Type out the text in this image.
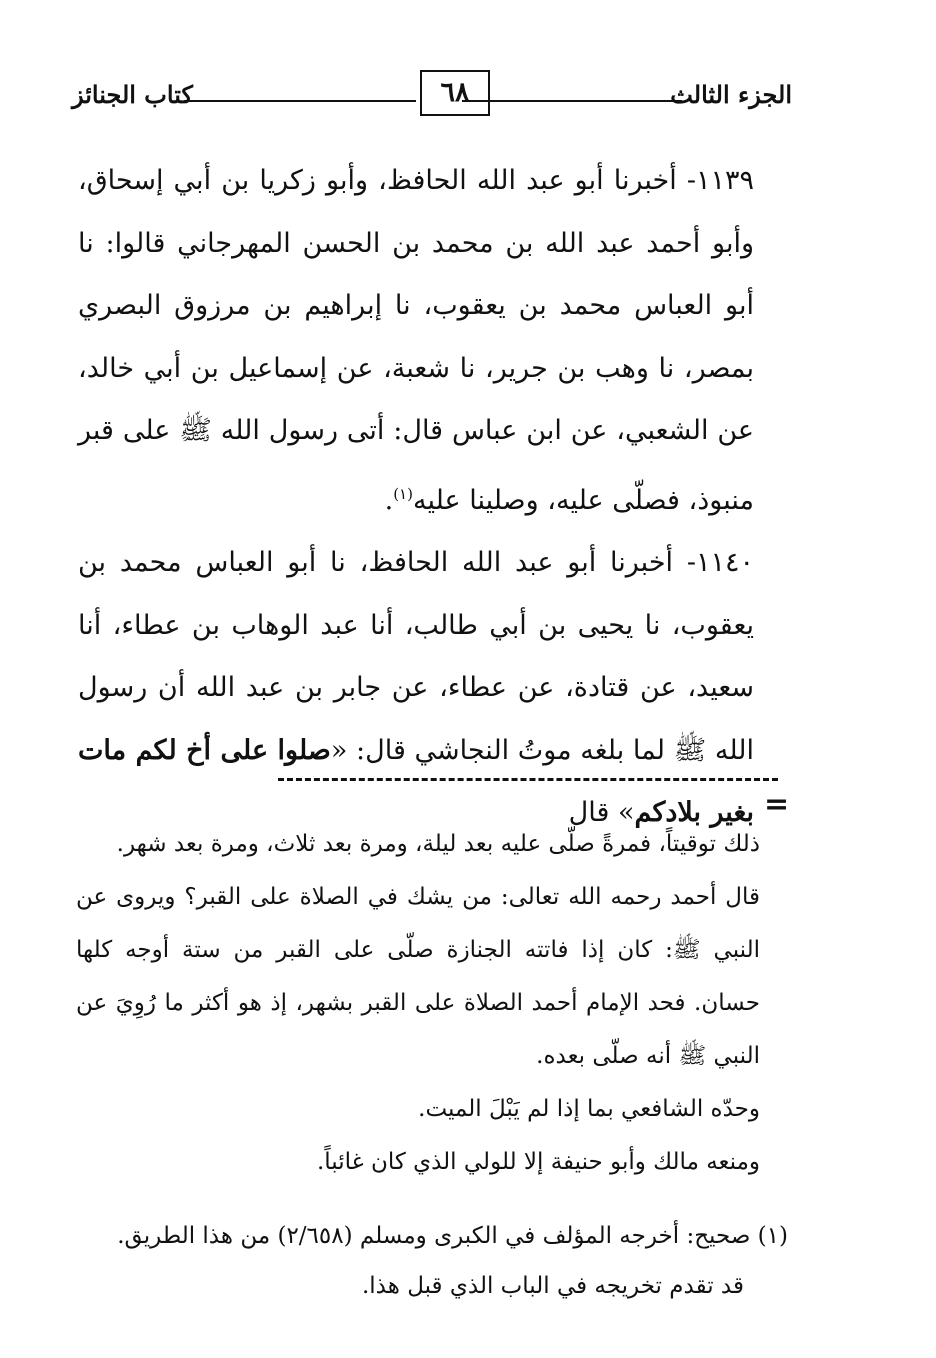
الجزء الثالث
٦٨
كتاب الجنائز

١١٣٩- أخبرنا أبو عبد الله الحافظ، وأبو زكريا بن أبي إسحاق، وأبو أحمد عبد الله بن محمد بن الحسن المهرجاني قالوا: نا أبو العباس محمد بن يعقوب، نا إبراهيم بن مرزوق البصري بمصر، نا وهب بن جرير، نا شعبة، عن إسماعيل بن أبي خالد، عن الشعبي، عن ابن عباس قال: أتى رسول الله ﷺ على قبر منبوذ، فصلّى عليه، وصلينا عليه$^{(١)}$.

١١٤٠- أخبرنا أبو عبد الله الحافظ، نا أبو العباس محمد بن يعقوب، نا يحيى بن أبي طالب، أنا عبد الوهاب بن عطاء، أنا سعيد، عن قتادة، عن عطاء، عن جابر بن عبد الله أن رسول الله ﷺ لما بلغه موتُ النجاشي قال: «صلوا على أخ لكم مات بغير بلادكم» قال	=

ذلك توقيتاً، فمرةً صلّى عليه بعد ليلة، ومرة بعد ثلاث، ومرة بعد شهر.

قال أحمد رحمه الله تعالى: من يشك في الصلاة على القبر؟ ويروى عن النبي ﷺ: كان إذا فاتته الجنازة صلّى على القبر من ستة أوجه كلها حسان. فحد الإمام أحمد الصلاة على القبر بشهر، إذ هو أكثر ما رُوِيَ عن النبي ﷺ أنه صلّى بعده.

وحدّه الشافعي بما إذا لم يَبْلَ الميت.

ومنعه مالك وأبو حنيفة إلا للولي الذي كان غائباً.

(١) صحيح: أخرجه المؤلف في الكبرى ومسلم (٢/٦٥٨) من هذا الطريق.

قد تقدم تخريجه في الباب الذي قبل هذا.
